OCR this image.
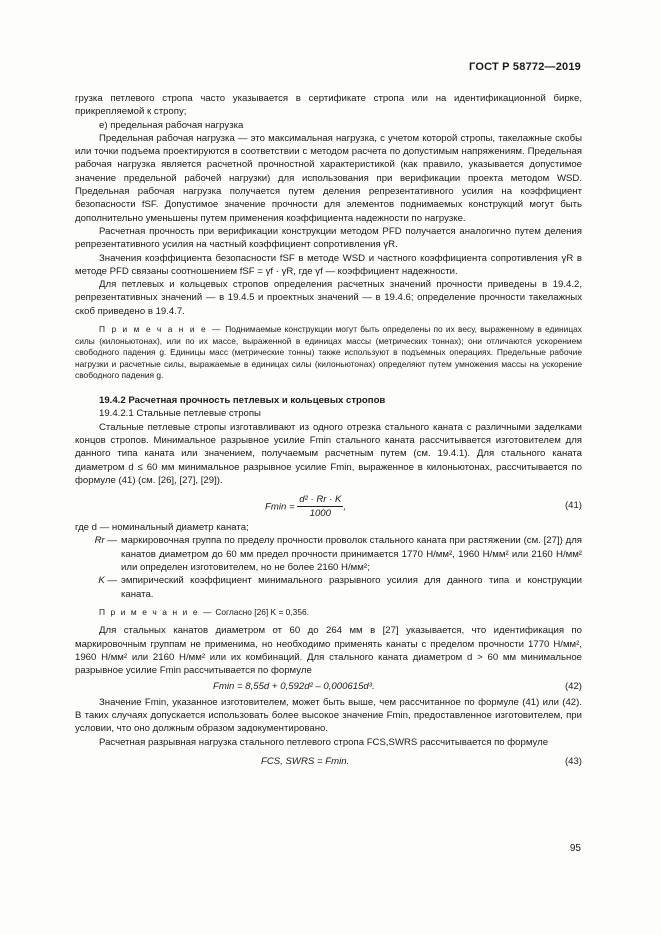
ГОСТ Р 58772—2019

грузка петлевого стропа часто указывается в сертификате стропа или на идентификационной бирке, прикрепляемой к стропу;

е) предельная рабочая нагрузка

Предельная рабочая нагрузка — это максимальная нагрузка, с учетом которой стропы, такелажные скобы или точки подъема проектируются в соответствии с методом расчета по допустимым напряжениям. Предельная рабочая нагрузка является расчетной прочностной характеристикой (как правило, указывается допустимое значение предельной рабочей нагрузки) для использования при верификации проекта методом WSD. Предельная рабочая нагрузка получается путем деления репрезентативного усилия на коэффициент безопасности fSF. Допустимое значение прочности для элементов поднимаемых конструкций могут быть дополнительно уменьшены путем применения коэффициента надежности по нагрузке.

Расчетная прочность при верификации конструкции методом PFD получается аналогично путем деления репрезентативного усилия на частный коэффициент сопротивления γR.

Значения коэффициента безопасности fSF в методе WSD и частного коэффициента сопротивления γR в методе PFD связаны соотношением fSF = γf · γR, где γf — коэффициент надежности.

Для петлевых и кольцевых стропов определения расчетных значений прочности приведены в 19.4.2, репрезентативных значений — в 19.4.5 и проектных значений — в 19.4.6; определение прочности такелажных скоб приведено в 19.4.7.

П р и м е ч а н и е — Поднимаемые конструкции могут быть определены по их весу, выраженному в единицах силы (килоньютонах), или по их массе, выраженной в единицах массы (метрических тоннах); они отличаются ускорением свободного падения g. Единицы масс (метрические тонны) также используют в подъемных операциях. Предельные рабочие нагрузки и расчетные силы, выражаемые в единицах силы (килоньютонах) определяют путем умножения массы на ускорение свободного падения g.

19.4.2 Расчетная прочность петлевых и кольцевых стропов

19.4.2.1 Стальные петлевые стропы

Стальные петлевые стропы изготавливают из одного отрезка стального каната с различными заделками концов стропов. Минимальное разрывное усилие Fmin стального каната рассчитывается изготовителем для данного типа каната или значением, получаемым расчетным путем (см. 19.4.1). Для стального каната диаметром d ≤ 60 мм минимальное разрывное усилие Fmin, выраженное в килоньютонах, рассчитывается по формуле (41) (см. [26], [27], [29]).

$Fmin = \frac{\text{d² · Rr · K}}{1000}$ ,	(41)

где d — номинальный диаметр каната;

Rr — маркировочная группа по пределу прочности проволок стального каната при растяжении (см. [27]) для канатов диаметром до 60 мм предел прочности принимается 1770 Н/мм², 1960 Н/мм² или 2160 Н/мм² или определен изготовителем, но не более 2160 Н/мм²;
K — эмпирический коэффициент минимального разрывного усилия для данного типа и конструкции каната.

П р и м е ч а н и е — Согласно [26] K = 0,356.

Для стальных канатов диаметром от 60 до 264 мм в [27] указывается, что идентификация по маркировочным группам не применима, но необходимо применять канаты с пределом прочности 1770 Н/мм², 1960 Н/мм² или 2160 Н/мм² или их комбинаций. Для стального каната диаметром d > 60 мм минимальное разрывное усилие Fmin рассчитывается по формуле

Fmin = 8,55d + 0,592d² – 0,000615d³.	(42)

Значение Fmin, указанное изготовителем, может быть выше, чем рассчитанное по формуле (41) или (42). В таких случаях допускается использовать более высокое значение Fmin, предоставленное изготовителем, при условии, что оно должным образом задокументировано.

Расчетная разрывная нагрузка стального петлевого стропа FCS,SWRS рассчитывается по формуле

FCS, SWRS = Fmin.	(43)
95
